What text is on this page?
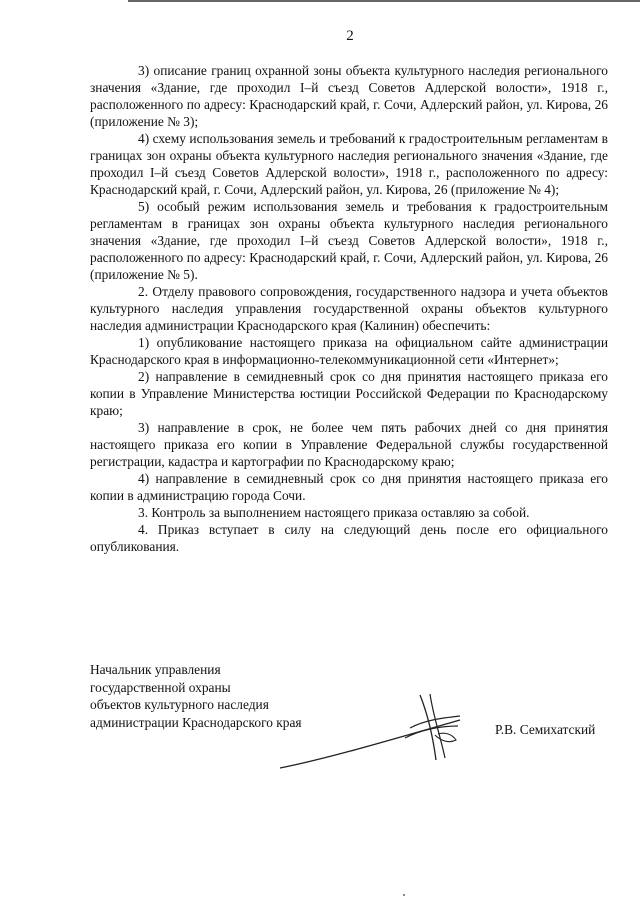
2

3) описание границ охранной зоны объекта культурного наследия регионального значения «Здание, где проходил I–й съезд Советов Адлерской волости», 1918 г., расположенного по адресу: Краснодарский край, г. Сочи, Адлерский район, ул. Кирова, 26 (приложение № 3);

4) схему использования земель и требований к градостроительным регламентам в границах зон охраны объекта культурного наследия регионального значения «Здание, где проходил I–й съезд Советов Адлерской волости», 1918 г., расположенного по адресу: Краснодарский край, г. Сочи, Адлерский район, ул. Кирова, 26 (приложение № 4);

5) особый режим использования земель и требования к градостроительным регламентам в границах зон охраны объекта культурного наследия регионального значения «Здание, где проходил I–й съезд Советов Адлерской волости», 1918 г., расположенного по адресу: Краснодарский край, г. Сочи, Адлерский район, ул. Кирова, 26 (приложение № 5).

2. Отделу правового сопровождения, государственного надзора и учета объектов культурного наследия управления государственной охраны объектов культурного наследия администрации Краснодарского края (Калинин) обеспечить:

1) опубликование настоящего приказа на официальном сайте администрации Краснодарского края в информационно-телекоммуникационной сети «Интернет»;

2) направление в семидневный срок со дня принятия настоящего приказа его копии в Управление Министерства юстиции Российской Федерации по Краснодарскому краю;

3) направление в срок, не более чем пять рабочих дней со дня принятия настоящего приказа его копии в Управление Федеральной службы государственной регистрации, кадастра и картографии по Краснодарскому краю;

4) направление в семидневный срок со дня принятия настоящего приказа его копии в администрацию города Сочи.

3. Контроль за выполнением настоящего приказа оставляю за собой.

4. Приказ вступает в силу на следующий день после его официального опубликования.

Начальник управления
государственной охраны
объектов культурного наследия
администрации Краснодарского края	Р.В. Семихатский
